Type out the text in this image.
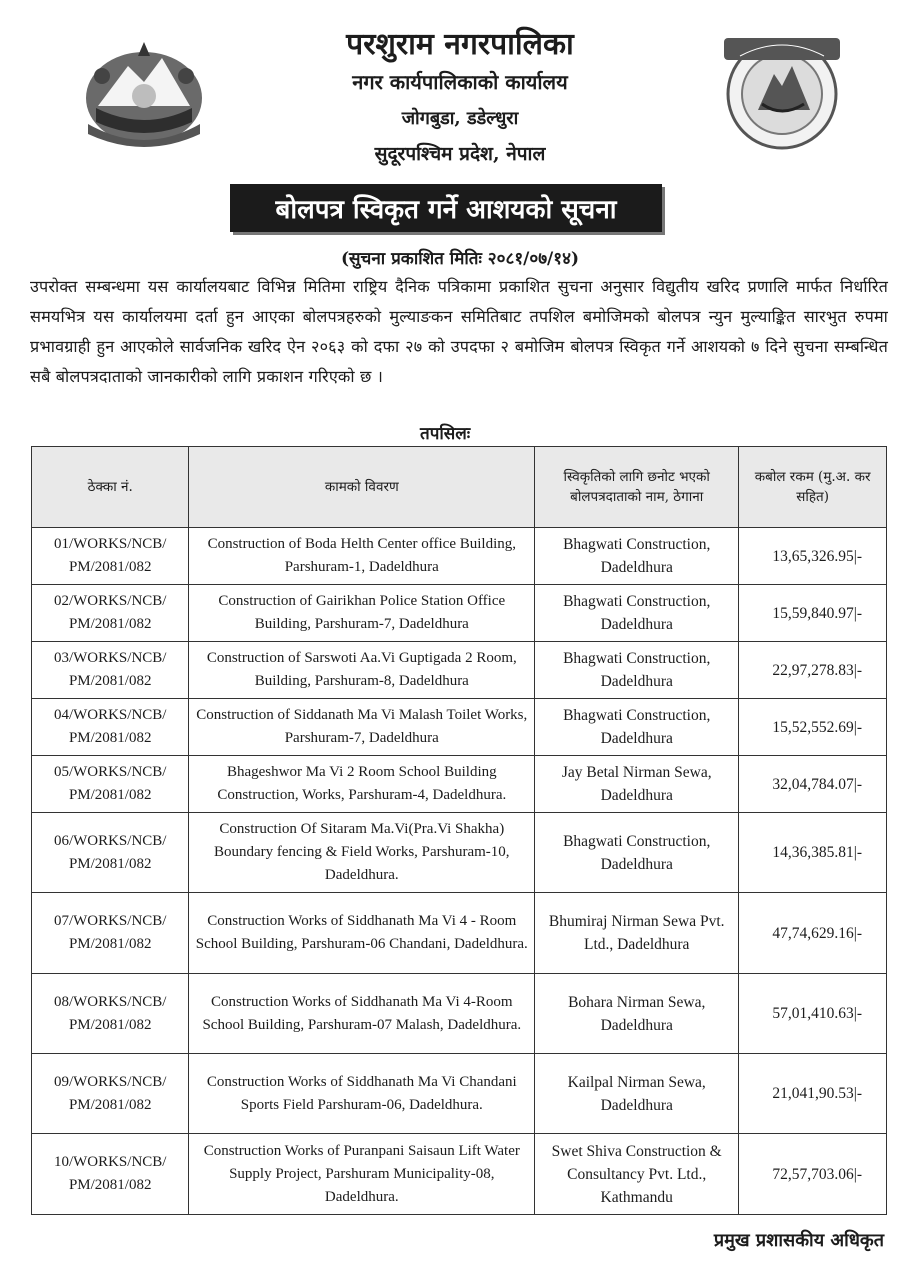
परशुराम नगरपालिका
नगर कार्यपालिकाको कार्यालय
जोगबुडा, डडेल्धुरा
सुदूरपश्चिम प्रदेश, नेपाल
बोलपत्र स्विकृत गर्ने आशयको सूचना
(सुचना प्रकाशित मितिः २०८१/०७/१४)
उपरोक्त सम्बन्धमा यस कार्यालयबाट विभिन्न मितिमा राष्ट्रिय दैनिक पत्रिकामा प्रकाशित सुचना अनुसार विद्युतीय खरिद प्रणालि मार्फत निर्धारित समयभित्र यस कार्यालयमा दर्ता हुन आएका बोलपत्रहरुको मुल्याङकन समितिबाट तपशिल बमोजिमको बोलपत्र न्युन मुल्याङ्कित सारभुत रुपमा प्रभावग्राही हुन आएकोले सार्वजनिक खरिद ऐन २०६३ को दफा २७ को उपदफा २ बमोजिम बोलपत्र स्विकृत गर्ने आशयको ७ दिने सुचना सम्बन्धित सबै बोलपत्रदाताको जानकारीको लागि प्रकाशन गरिएको छ ।
तपसिलः
ठेक्का नं.	कामको विवरण	स्विकृतिको लागि छनोट भएको बोलपत्रदाताको नाम, ठेगाना	कबोल रकम (मु.अ. कर सहित)
01/WORKS/NCB/ PM/2081/082	Construction of Boda Helth Center office Building, Parshuram-1, Dadeldhura	Bhagwati Construction, Dadeldhura	13,65,326.95|-
02/WORKS/NCB/ PM/2081/082	Construction of Gairikhan Police Station Office Building, Parshuram-7, Dadeldhura	Bhagwati Construction, Dadeldhura	15,59,840.97|-
03/WORKS/NCB/ PM/2081/082	Construction of Sarswoti Aa.Vi Guptigada 2 Room, Building, Parshuram-8, Dadeldhura	Bhagwati Construction, Dadeldhura	22,97,278.83|-
04/WORKS/NCB/ PM/2081/082	Construction of Siddanath Ma Vi Malash Toilet Works, Parshuram-7, Dadeldhura	Bhagwati Construction, Dadeldhura	15,52,552.69|-
05/WORKS/NCB/ PM/2081/082	Bhageshwor Ma Vi 2 Room School Building Construction, Works, Parshuram-4, Dadeldhura.	Jay Betal Nirman Sewa, Dadeldhura	32,04,784.07|-
06/WORKS/NCB/ PM/2081/082	Construction Of Sitaram Ma.Vi(Pra.Vi Shakha) Boundary fencing & Field Works, Parshuram-10, Dadeldhura.	Bhagwati Construction, Dadeldhura	14,36,385.81|-
07/WORKS/NCB/ PM/2081/082	Construction Works of Siddhanath Ma Vi 4 - Room School Building, Parshuram-06 Chandani, Dadeldhura.	Bhumiraj Nirman Sewa Pvt. Ltd., Dadeldhura	47,74,629.16|-
08/WORKS/NCB/ PM/2081/082	Construction Works of Siddhanath Ma Vi 4-Room School Building, Parshuram-07 Malash, Dadeldhura.	Bohara Nirman Sewa, Dadeldhura	57,01,410.63|-
09/WORKS/NCB/ PM/2081/082	Construction Works of Siddhanath Ma Vi Chandani Sports Field Parshuram-06, Dadeldhura.	Kailpal Nirman Sewa, Dadeldhura	21,041,90.53|-
10/WORKS/NCB/ PM/2081/082	Construction Works of Puranpani Saisaun Lift Water Supply Project, Parshuram Municipality-08, Dadeldhura.	Swet Shiva Construction & Consultancy Pvt. Ltd., Kathmandu	72,57,703.06|-
प्रमुख प्रशासकीय अधिकृत
